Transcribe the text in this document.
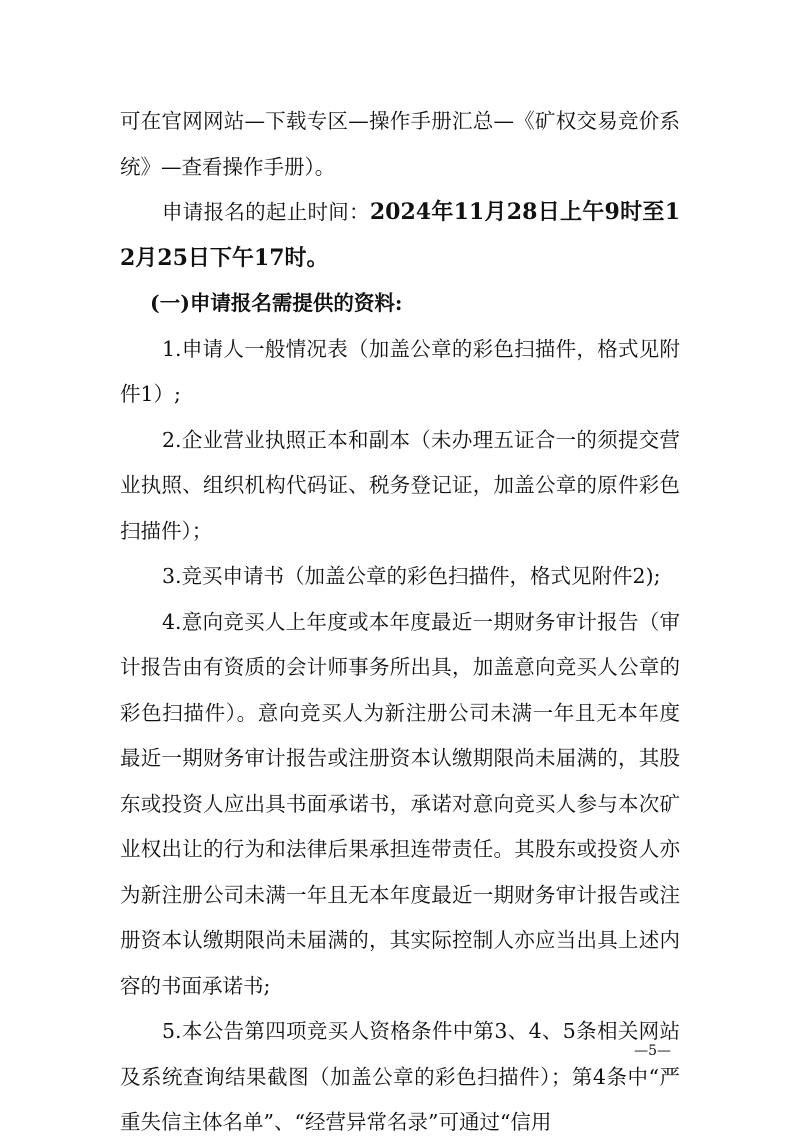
可在官网网站—下载专区—操作手册汇总—《矿权交易竞价系统》—查看操作手册）。

申请报名的起止时间：2024年11月28日上午9时至12月25日下午17时。

(一)申请报名需提供的资料:

1.申请人一般情况表（加盖公章的彩色扫描件，格式见附件1）;

2.企业营业执照正本和副本（未办理五证合一的须提交营业执照、组织机构代码证、税务登记证，加盖公章的原件彩色扫描件）；

3.竞买申请书（加盖公章的彩色扫描件，格式见附件2);

4.意向竞买人上年度或本年度最近一期财务审计报告（审计报告由有资质的会计师事务所出具，加盖意向竞买人公章的彩色扫描件）。意向竞买人为新注册公司未满一年且无本年度最近一期财务审计报告或注册资本认缴期限尚未届满的，其股东或投资人应出具书面承诺书，承诺对意向竞买人参与本次矿业权出让的行为和法律后果承担连带责任。其股东或投资人亦为新注册公司未满一年且无本年度最近一期财务审计报告或注册资本认缴期限尚未届满的，其实际控制人亦应当出具上述内容的书面承诺书;

5.本公告第四项竞买人资格条件中第3、4、5条相关网站及系统查询结果截图（加盖公章的彩色扫描件）；第4条中“严重失信主体名单”、“经营异常名录”可通过“信用

—5—
